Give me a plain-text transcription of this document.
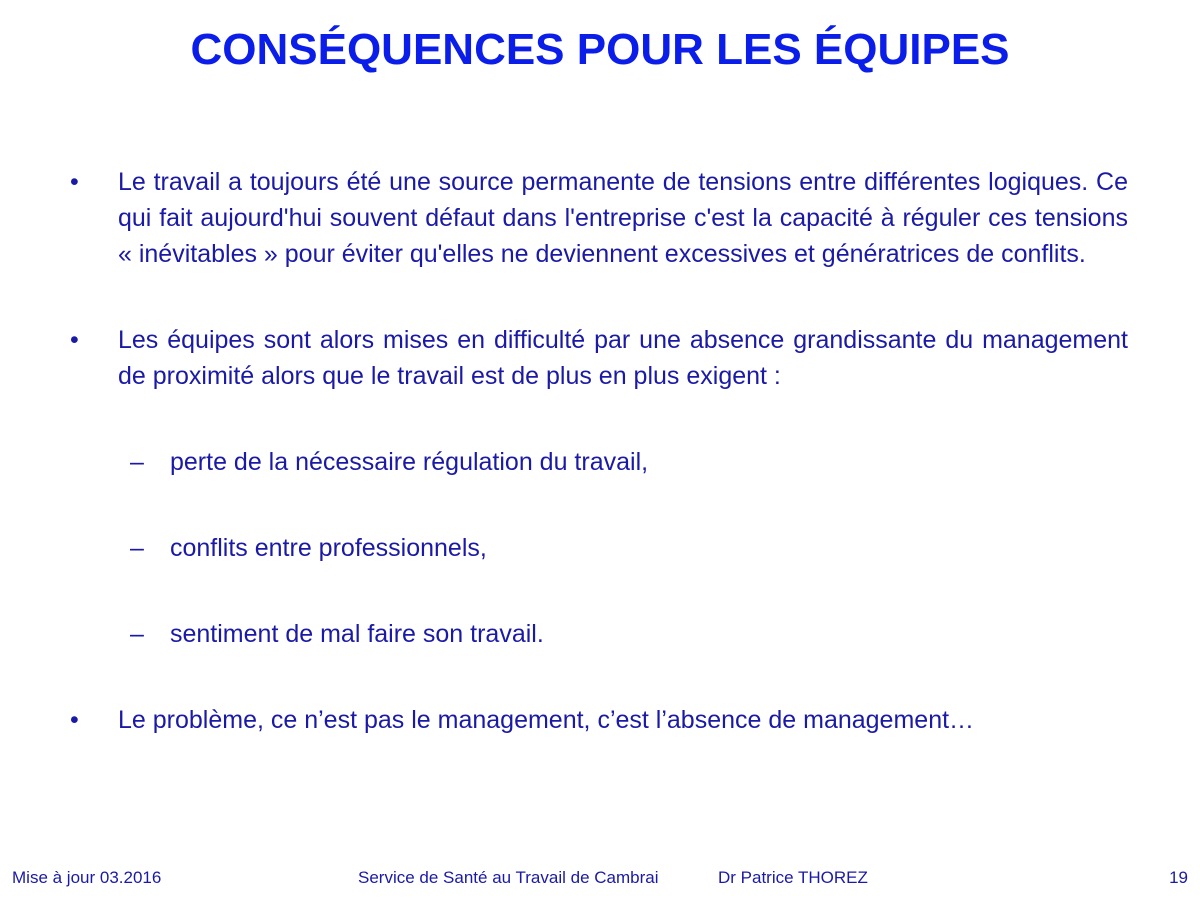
CONSÉQUENCES POUR LES ÉQUIPES
•	Le travail a toujours été une source permanente de tensions entre différentes logiques. Ce qui fait aujourd'hui souvent défaut dans l'entreprise c'est la capacité à réguler ces tensions « inévitables » pour éviter qu'elles ne deviennent excessives et génératrices de conflits.
•	Les équipes sont alors mises en difficulté par une absence grandissante du management de proximité alors que le travail est de plus en plus exigent :
–	perte de la nécessaire régulation du travail,
–	conflits entre professionnels,
–	sentiment de mal faire son travail.
•	Le problème, ce n’est pas le management, c’est l’absence de management…
Mise à jour 03.2016	Service de Santé au Travail de Cambrai	Dr Patrice THOREZ	19
